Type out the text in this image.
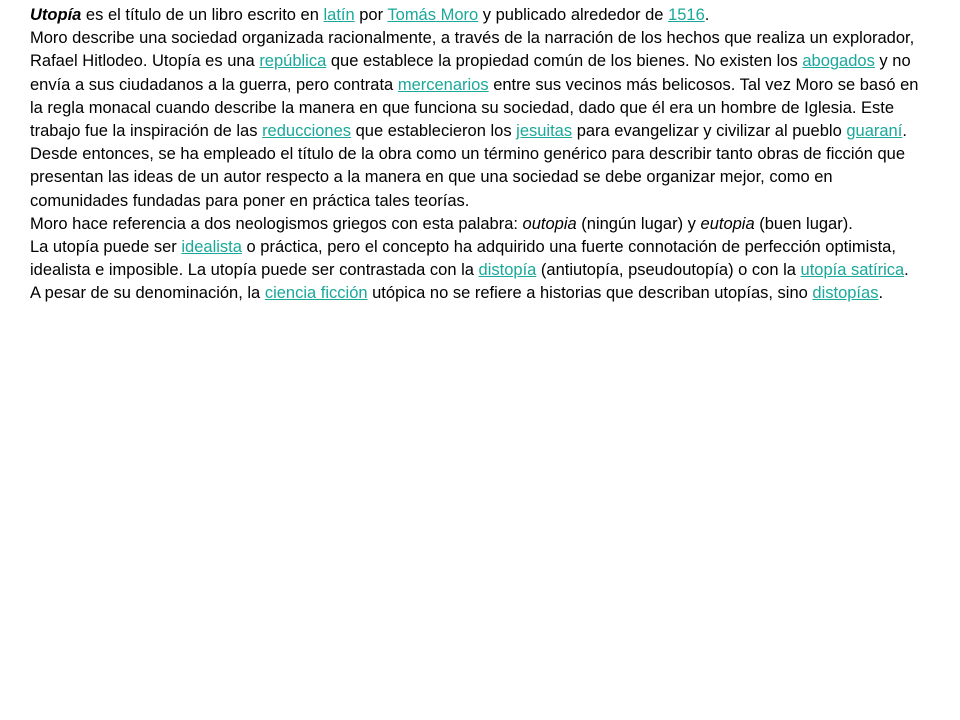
Utopía es el título de un libro escrito en latín por Tomás Moro y publicado alrededor de 1516.

Moro describe una sociedad organizada racionalmente, a través de la narración de los hechos que realiza un explorador, Rafael Hitlodeo. Utopía es una república que establece la propiedad común de los bienes. No existen los abogados y no envía a sus ciudadanos a la guerra, pero contrata mercenarios entre sus vecinos más belicosos. Tal vez Moro se basó en la regla monacal cuando describe la manera en que funciona su sociedad, dado que él era un hombre de Iglesia. Este trabajo fue la inspiración de las reducciones que establecieron los jesuitas para evangelizar y civilizar al pueblo guaraní.

Desde entonces, se ha empleado el título de la obra como un término genérico para describir tanto obras de ficción que presentan las ideas de un autor respecto a la manera en que una sociedad se debe organizar mejor, como en comunidades fundadas para poner en práctica tales teorías.

Moro hace referencia a dos neologismos griegos con esta palabra: outopia (ningún lugar) y eutopia (buen lugar).

La utopía puede ser idealista o práctica, pero el concepto ha adquirido una fuerte connotación de perfección optimista, idealista e imposible. La utopía puede ser contrastada con la distopía (antiutopía, pseudoutopía) o con la utopía satírica.

A pesar de su denominación, la ciencia ficción utópica no se refiere a historias que describan utopías, sino distopías.
